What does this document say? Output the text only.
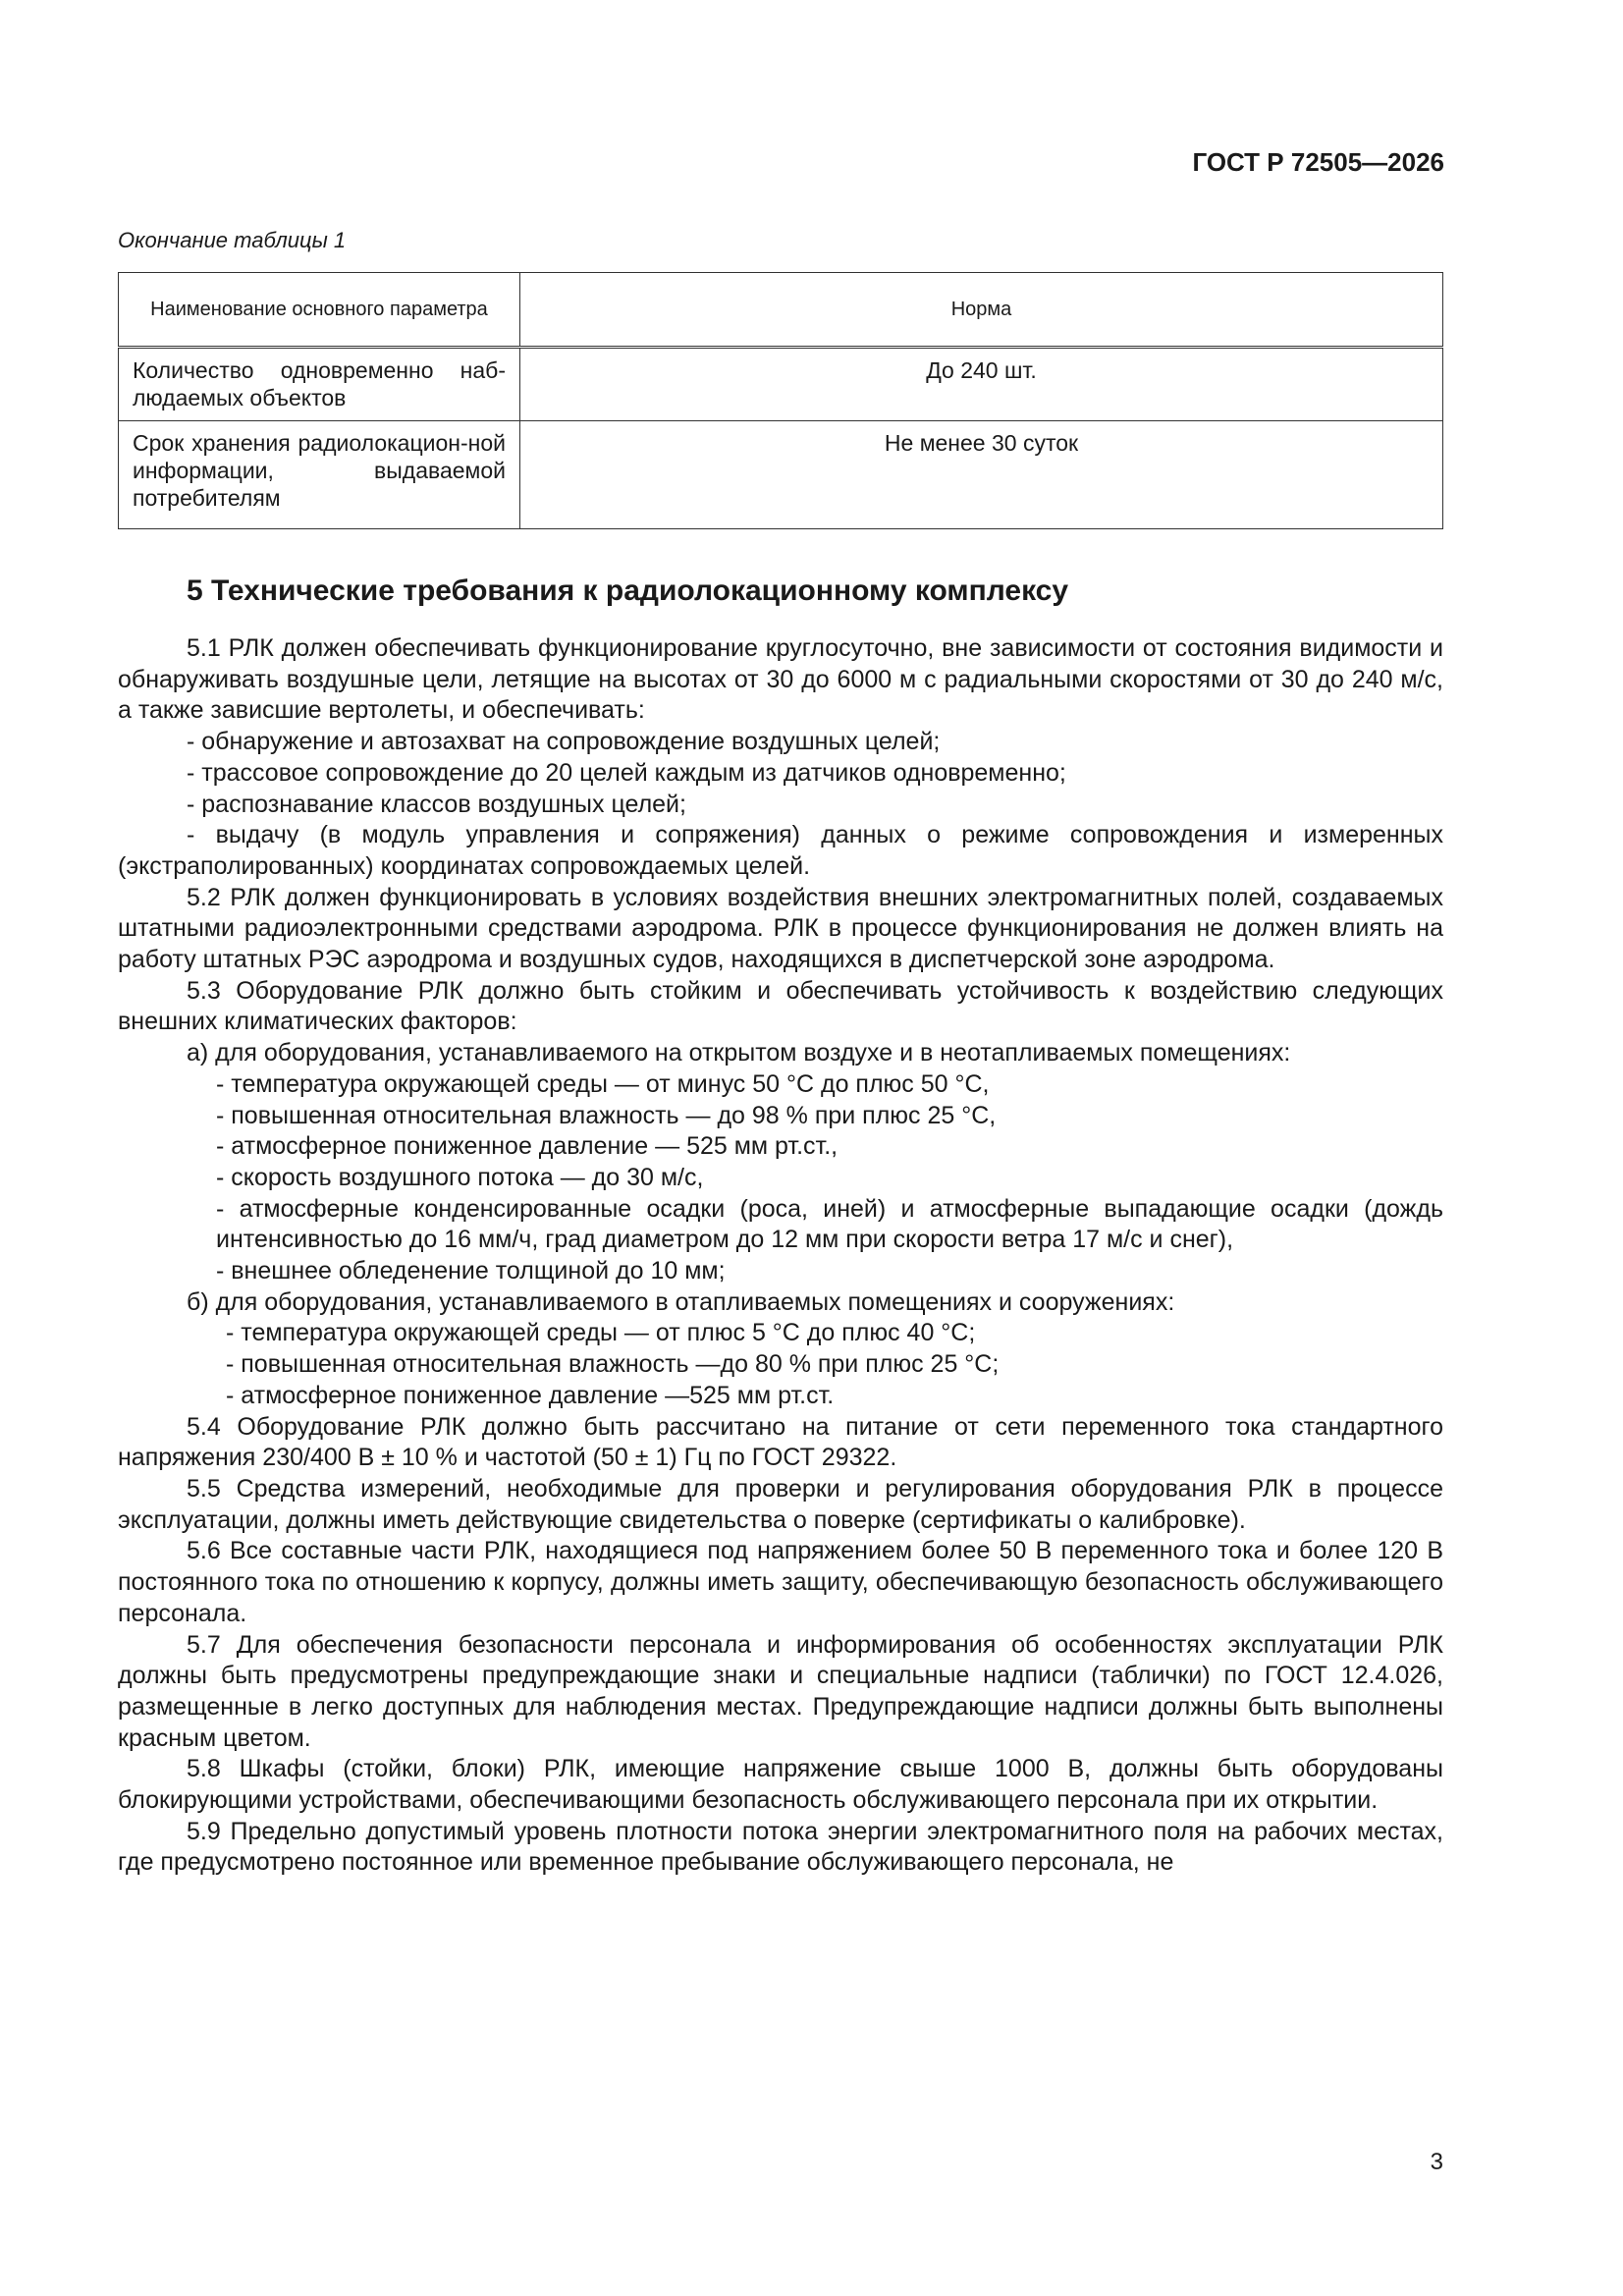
ГОСТ Р 72505—2026
Окончание таблицы 1
Наименование основного параметра	Норма
Количество одновременно наб-людаемых объектов	До 240 шт.
Срок хранения радиолокацион-ной информации, выдаваемой потребителям	Не менее 30 суток
5 Технические требования к радиолокационному комплексу

5.1 РЛК должен обеспечивать функционирование круглосуточно, вне зависимости от состояния видимости и обнаруживать воздушные цели, летящие на высотах от 30 до 6000 м с радиальными скоростями от 30 до 240 м/с, а также зависшие вертолеты, и обеспечивать:

- обнаружение и автозахват на сопровождение воздушных целей;

- трассовое сопровождение до 20 целей каждым из датчиков одновременно;

- распознавание классов воздушных целей;

- выдачу (в модуль управления и сопряжения) данных о режиме сопровождения и измеренных (экстраполированных) координатах сопровождаемых целей.

5.2 РЛК должен функционировать в условиях воздействия внешних электромагнитных полей, создаваемых штатными радиоэлектронными средствами аэродрома. РЛК в процессе функционирования не должен влиять на работу штатных РЭС аэродрома и воздушных судов, находящихся в диспетчерской зоне аэродрома.

5.3 Оборудование РЛК должно быть стойким и обеспечивать устойчивость к воздействию следующих внешних климатических факторов:

а) для оборудования, устанавливаемого на открытом воздухе и в неотапливаемых помещениях:

- температура окружающей среды — от минус 50 °С до плюс 50 °С,

- повышенная относительная влажность — до 98 % при плюс 25 °С,

- атмосферное пониженное давление — 525 мм рт.ст.,

- скорость воздушного потока — до 30 м/с,

- атмосферные конденсированные осадки (роса, иней) и атмосферные выпадающие осадки (дождь интенсивностью до 16 мм/ч, град диаметром до 12 мм при скорости ветра 17 м/с и снег),

- внешнее обледенение толщиной до 10 мм;

б) для оборудования, устанавливаемого в отапливаемых помещениях и сооружениях:

- температура окружающей среды — от плюс 5 °С до плюс 40 °С;

- повышенная относительная влажность —до 80 % при плюс 25 °С;

- атмосферное пониженное давление —525 мм рт.ст.

5.4 Оборудование РЛК должно быть рассчитано на питание от сети переменного тока стандартного напряжения 230/400 В ± 10 % и частотой (50 ± 1) Гц по ГОСТ 29322.

5.5 Средства измерений, необходимые для проверки и регулирования оборудования РЛК в процессе эксплуатации, должны иметь действующие свидетельства о поверке (сертификаты о калибровке).

5.6 Все составные части РЛК, находящиеся под напряжением более 50 В переменного тока и более 120 В постоянного тока по отношению к корпусу, должны иметь защиту, обеспечивающую безопасность обслуживающего персонала.

5.7 Для обеспечения безопасности персонала и информирования об особенностях эксплуатации РЛК должны быть предусмотрены предупреждающие знаки и специальные надписи (таблички) по ГОСТ 12.4.026, размещенные в легко доступных для наблюдения местах. Предупреждающие надписи должны быть выполнены красным цветом.

5.8 Шкафы (стойки, блоки) РЛК, имеющие напряжение свыше 1000 В, должны быть оборудованы блокирующими устройствами, обеспечивающими безопасность обслуживающего персонала при их открытии.

5.9 Предельно допустимый уровень плотности потока энергии электромагнитного поля на рабочих местах, где предусмотрено постоянное или временное пребывание обслуживающего персонала, не

3
